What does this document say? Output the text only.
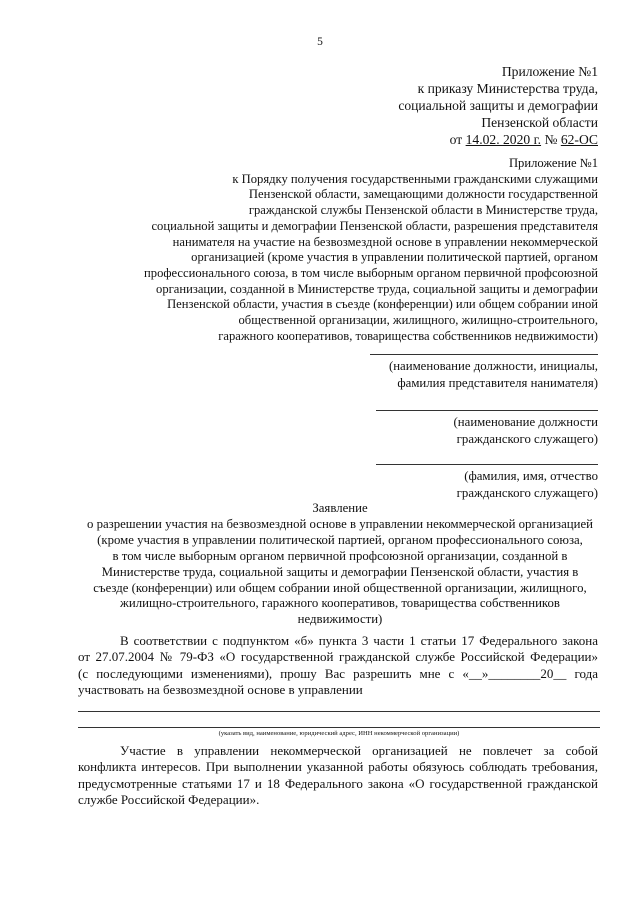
5
Приложение №1
к приказу Министерства труда,
социальной защиты и демографии
Пензенской области
от 14.02. 2020 г. № 62-ОС
Приложение №1
к Порядку получения государственными гражданскими служащими
Пензенской области, замещающими должности государственной
гражданской службы Пензенской области в Министерстве труда,
социальной защиты и демографии Пензенской области, разрешения представителя
нанимателя на участие на безвозмездной основе в управлении некоммерческой
организацией (кроме участия в управлении политической партией, органом
профессионального союза, в том числе выборным органом первичной профсоюзной
организации, созданной в Министерстве труда, социальной защиты и демографии
Пензенской области, участия в съезде (конференции) или общем собрании иной
общественной организации, жилищного, жилищно-строительного,
гаражного кооперативов, товарищества собственников недвижимости)
(наименование должности, инициалы,
фамилия представителя нанимателя)
(наименование должности
гражданского служащего)
(фамилия, имя, отчество
гражданского служащего)
Заявление
о разрешении участия на безвозмездной основе в управлении некоммерческой организацией
(кроме участия в управлении политической партией, органом профессионального союза,
в том числе выборным органом первичной профсоюзной организации, созданной в
Министерстве труда, социальной защиты и демографии Пензенской области, участия в
съезде (конференции) или общем собрании иной общественной организации, жилищного,
жилищно-строительного, гаражного кооперативов, товарищества собственников
недвижимости)
В соответствии с подпунктом «б» пункта 3 части 1 статьи 17 Федерального закона
от 27.07.2004 № 79-ФЗ «О государственной гражданской службе Российской Федерации»
(с последующими изменениями), прошу Вас разрешить мне с «__»________20__ года
участвовать на безвозмездной основе в управлении
(указать вид, наименование, юридический адрес, ИНН некоммерческой организации)
Участие в управлении некоммерческой организацией не повлечет за собой
конфликта интересов. При выполнении указанной работы обязуюсь соблюдать требования,
предусмотренные статьями 17 и 18 Федерального закона «О государственной гражданской
службе Российской Федерации».
